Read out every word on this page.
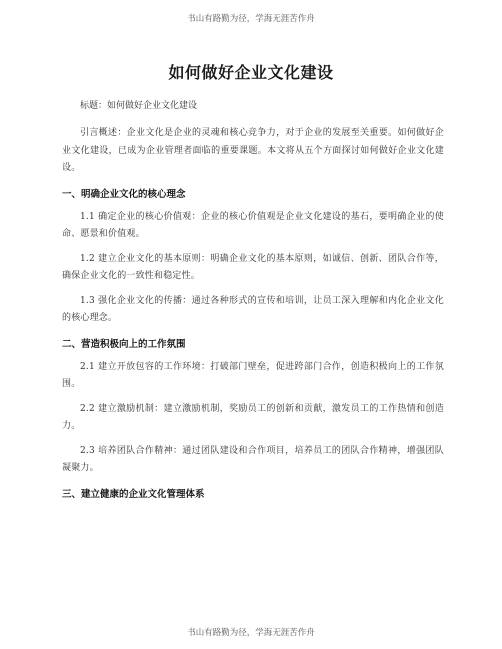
书山有路勤为径，学海无涯苦作舟
如何做好企业文化建设

标题：如何做好企业文化建设

引言概述：企业文化是企业的灵魂和核心竞争力，对于企业的发展至关重要。如何做好企业文化建设，已成为企业管理者面临的重要课题。本文将从五个方面探讨如何做好企业文化建设。

一、明确企业文化的核心理念

1.1 确定企业的核心价值观：企业的核心价值观是企业文化建设的基石，要明确企业的使命、愿景和价值观。

1.2 建立企业文化的基本原则：明确企业文化的基本原则，如诚信、创新、团队合作等，确保企业文化的一致性和稳定性。

1.3 强化企业文化的传播：通过各种形式的宣传和培训，让员工深入理解和内化企业文化的核心理念。

二、营造积极向上的工作氛围

2.1 建立开放包容的工作环境：打破部门壁垒，促进跨部门合作，创造积极向上的工作氛围。

2.2 建立激励机制：建立激励机制，奖励员工的创新和贡献，激发员工的工作热情和创造力。

2.3 培养团队合作精神：通过团队建设和合作项目，培养员工的团队合作精神，增强团队凝聚力。

三、建立健康的企业文化管理体系

书山有路勤为径，学海无涯苦作舟
